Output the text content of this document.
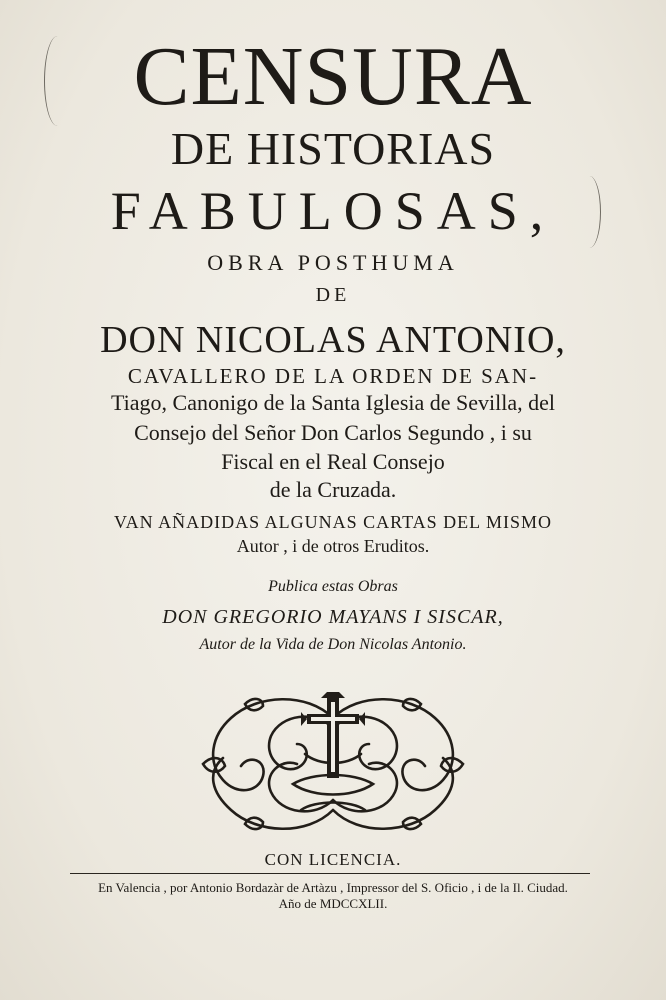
CENSURA
DE HISTORIAS
FABULOSAS,
OBRA POSTHUMA
DE
DON NICOLAS ANTONIO,
CAVALLERO DE LA ORDEN DE SAN-
Tiago, Canonigo de la Santa Iglesia de Sevilla, del
Consejo del Señor Don Carlos Segundo , i su
Fiscal en el Real Consejo
de la Cruzada.
VAN AÑADIDAS ALGUNAS CARTAS DEL MISMO
Autor , i de otros Eruditos.
Publica estas Obras
DON GREGORIO MAYANS I SISCAR,
Autor de la Vida de Don Nicolas Antonio.
CON LICENCIA.
En Valencia , por Antonio Bordazàr de Artàzu , Impressor del S. Oficio , i de la Il. Ciudad.
Año de MDCCXLII.
